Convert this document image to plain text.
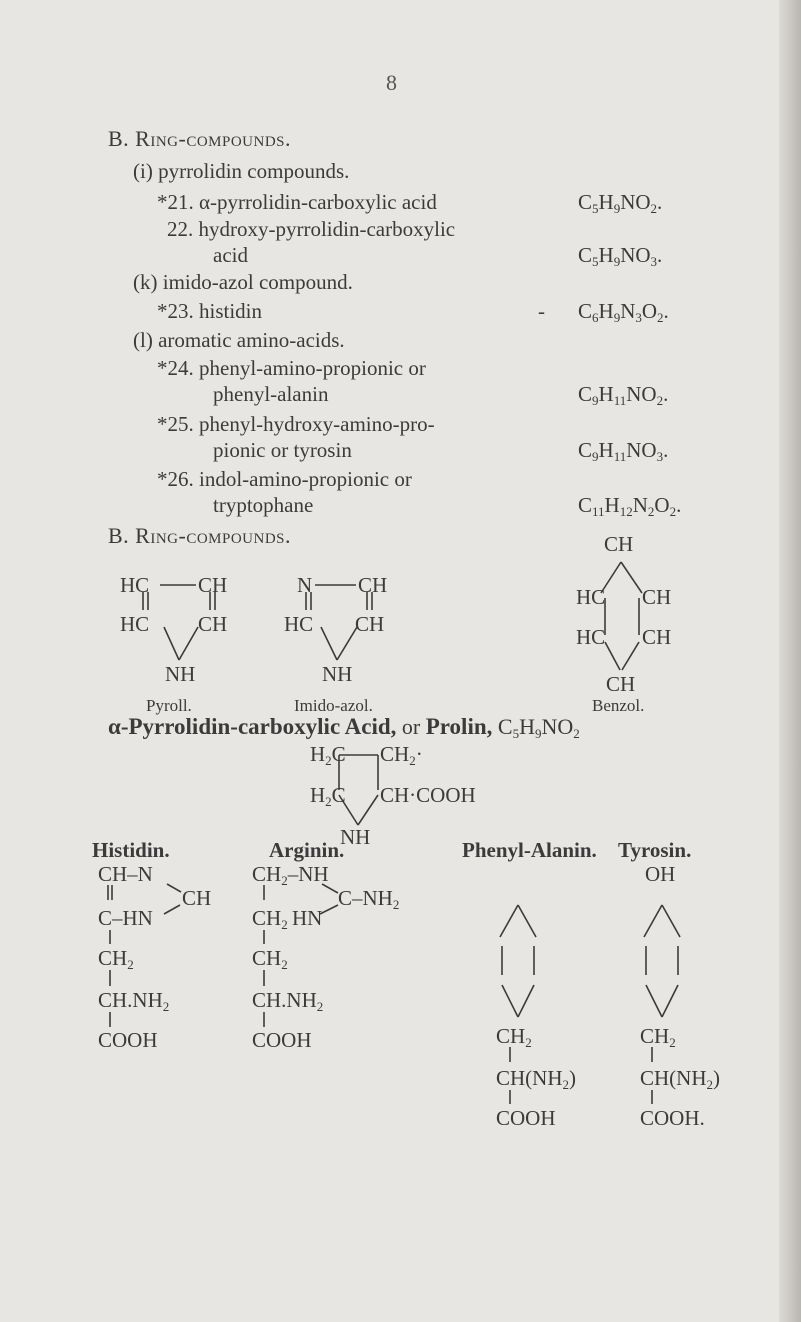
8
B. Ring-compounds.
(i) pyrrolidin compounds.
*21. α-pyrrolidin-carboxylic acid	$C_5H_9NO_2$.
22. hydroxy-pyrrolidin-carboxylic
acid	$C_5H_9NO_3$.
(k) imido-azol compound.
*23. histidin	- $C_6H_9N_3O_2$.
(l) aromatic amino-acids.
*24. phenyl-amino-propionic or
phenyl-alanin	$C_9H_{11}NO_2$.
*25. phenyl-hydroxy-amino-pro-
pionic or tyrosin	$C_9H_{11}NO_3$.
*26. indol-amino-propionic or
tryptophane	$C_{11}H_{12}N_2O_2$.
B. Ring-compounds.
HC CH
HC CH
NH
Pyroll.
N CH
HC CH
NH
Imido-azol.
CH
HC CH
HC CH
CH
Benzol.
α-Pyrrolidin-carboxylic Acid, or Prolin, $C_5H_9NO_2$
$H_2C$ $CH_2\cdot$
$H_2C$ CH·COOH
NH
Histidin.	Arginin.	Phenyl-Alanin. Tyrosin.
CH–N
CH
C–HN
$CH_2$
$CH.NH_2$
COOH
$CH_2-NH$
$C-NH_2$
$CH_2$ HN
$CH_2$
$CH.NH_2$
COOH	$CH_2$
$CH(NH_2)$
COOH
OH
$CH_2$
$CH(NH_2)$
COOH.
